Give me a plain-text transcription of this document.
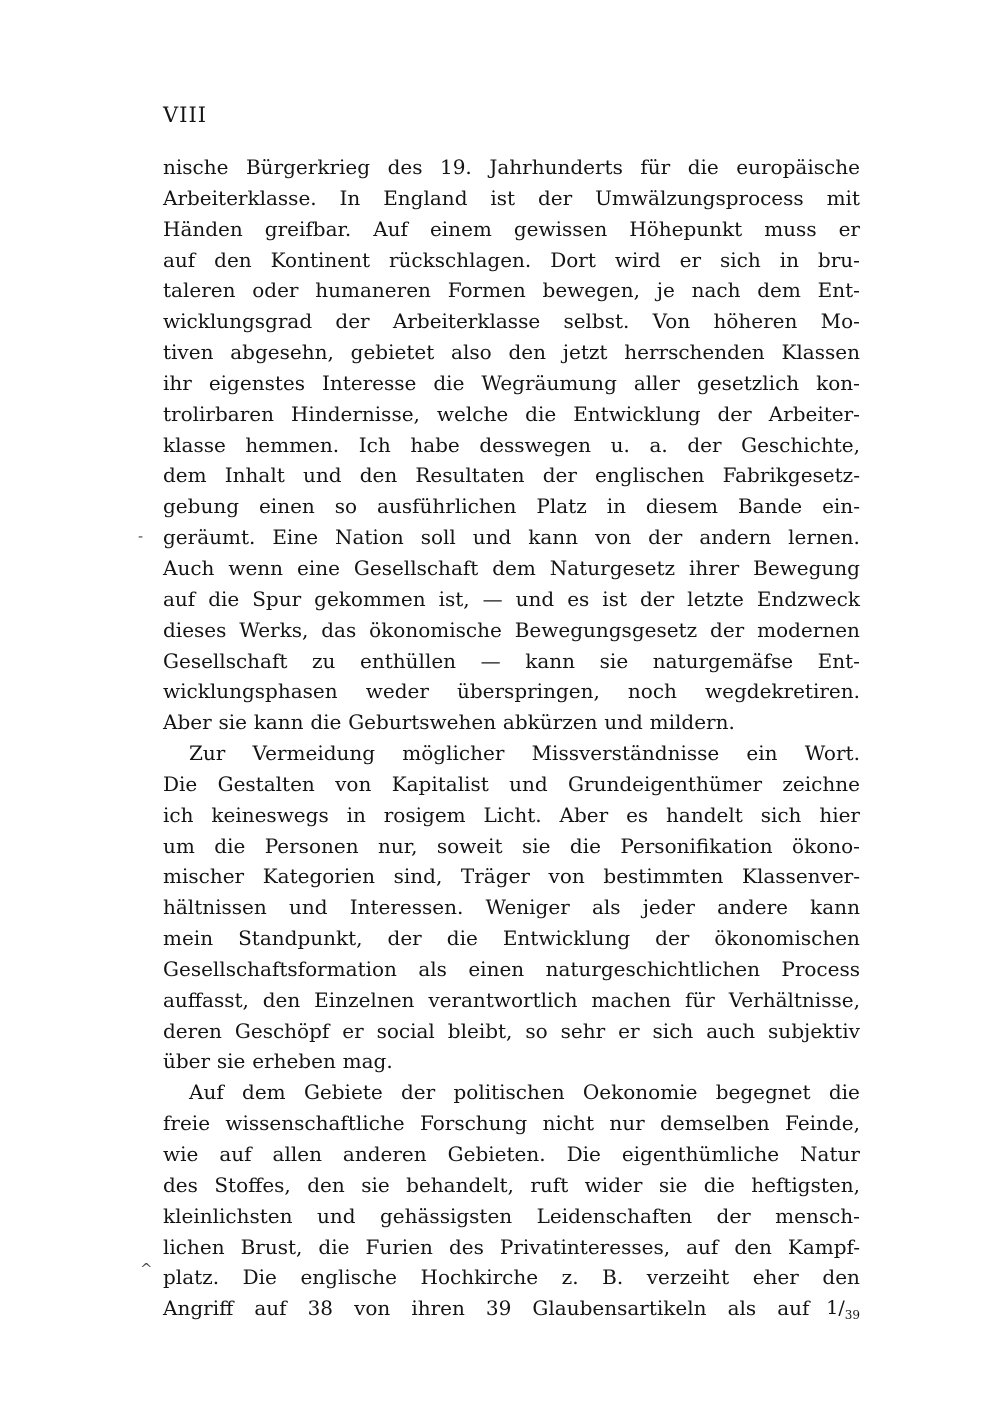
VIII
-
^
nische Bürgerkrieg des 19. Jahrhunderts für die europäische
Arbeiterklasse. In England ist der Umwälzungsprocess mit
Händen greifbar. Auf einem gewissen Höhepunkt muss er
auf den Kontinent rückschlagen. Dort wird er sich in bru-
taleren oder humaneren Formen bewegen, je nach dem Ent-
wicklungsgrad der Arbeiterklasse selbst. Von höheren Mo-
tiven abgesehn, gebietet also den jetzt herrschenden Klassen
ihr eigenstes Interesse die Wegräumung aller gesetzlich kon-
trolirbaren Hindernisse, welche die Entwicklung der Arbeiter-
klasse hemmen. Ich habe desswegen u. a. der Geschichte,
dem Inhalt und den Resultaten der englischen Fabrikgesetz-
gebung einen so ausführlichen Platz in diesem Bande ein-
geräumt. Eine Nation soll und kann von der andern lernen.
Auch wenn eine Gesellschaft dem Naturgesetz ihrer Bewegung
auf die Spur gekommen ist, — und es ist der letzte Endzweck
dieses Werks, das ökonomische Bewegungsgesetz der modernen
Gesellschaft zu enthüllen — kann sie naturgemäfse Ent-
wicklungsphasen weder überspringen, noch wegdekretiren.
Aber sie kann die Geburtswehen abkürzen und mildern.
Zur Vermeidung möglicher Missverständnisse ein Wort.
Die Gestalten von Kapitalist und Grundeigenthümer zeichne
ich keineswegs in rosigem Licht. Aber es handelt sich hier
um die Personen nur, soweit sie die Personifikation ökono-
mischer Kategorien sind, Träger von bestimmten Klassenver-
hältnissen und Interessen. Weniger als jeder andere kann
mein Standpunkt, der die Entwicklung der ökonomischen
Gesellschaftsformation als einen naturgeschichtlichen Process
auffasst, den Einzelnen verantwortlich machen für Verhältnisse,
deren Geschöpf er social bleibt, so sehr er sich auch subjektiv
über sie erheben mag.
Auf dem Gebiete der politischen Oekonomie begegnet die
freie wissenschaftliche Forschung nicht nur demselben Feinde,
wie auf allen anderen Gebieten. Die eigenthümliche Natur
des Stoffes, den sie behandelt, ruft wider sie die heftigsten,
kleinlichsten und gehässigsten Leidenschaften der mensch-
lichen Brust, die Furien des Privatinteresses, auf den Kampf-
platz. Die englische Hochkirche z. B. verzeiht eher den
Angriff auf 38 von ihren 39 Glaubensartikeln als auf $1/_{39}$
